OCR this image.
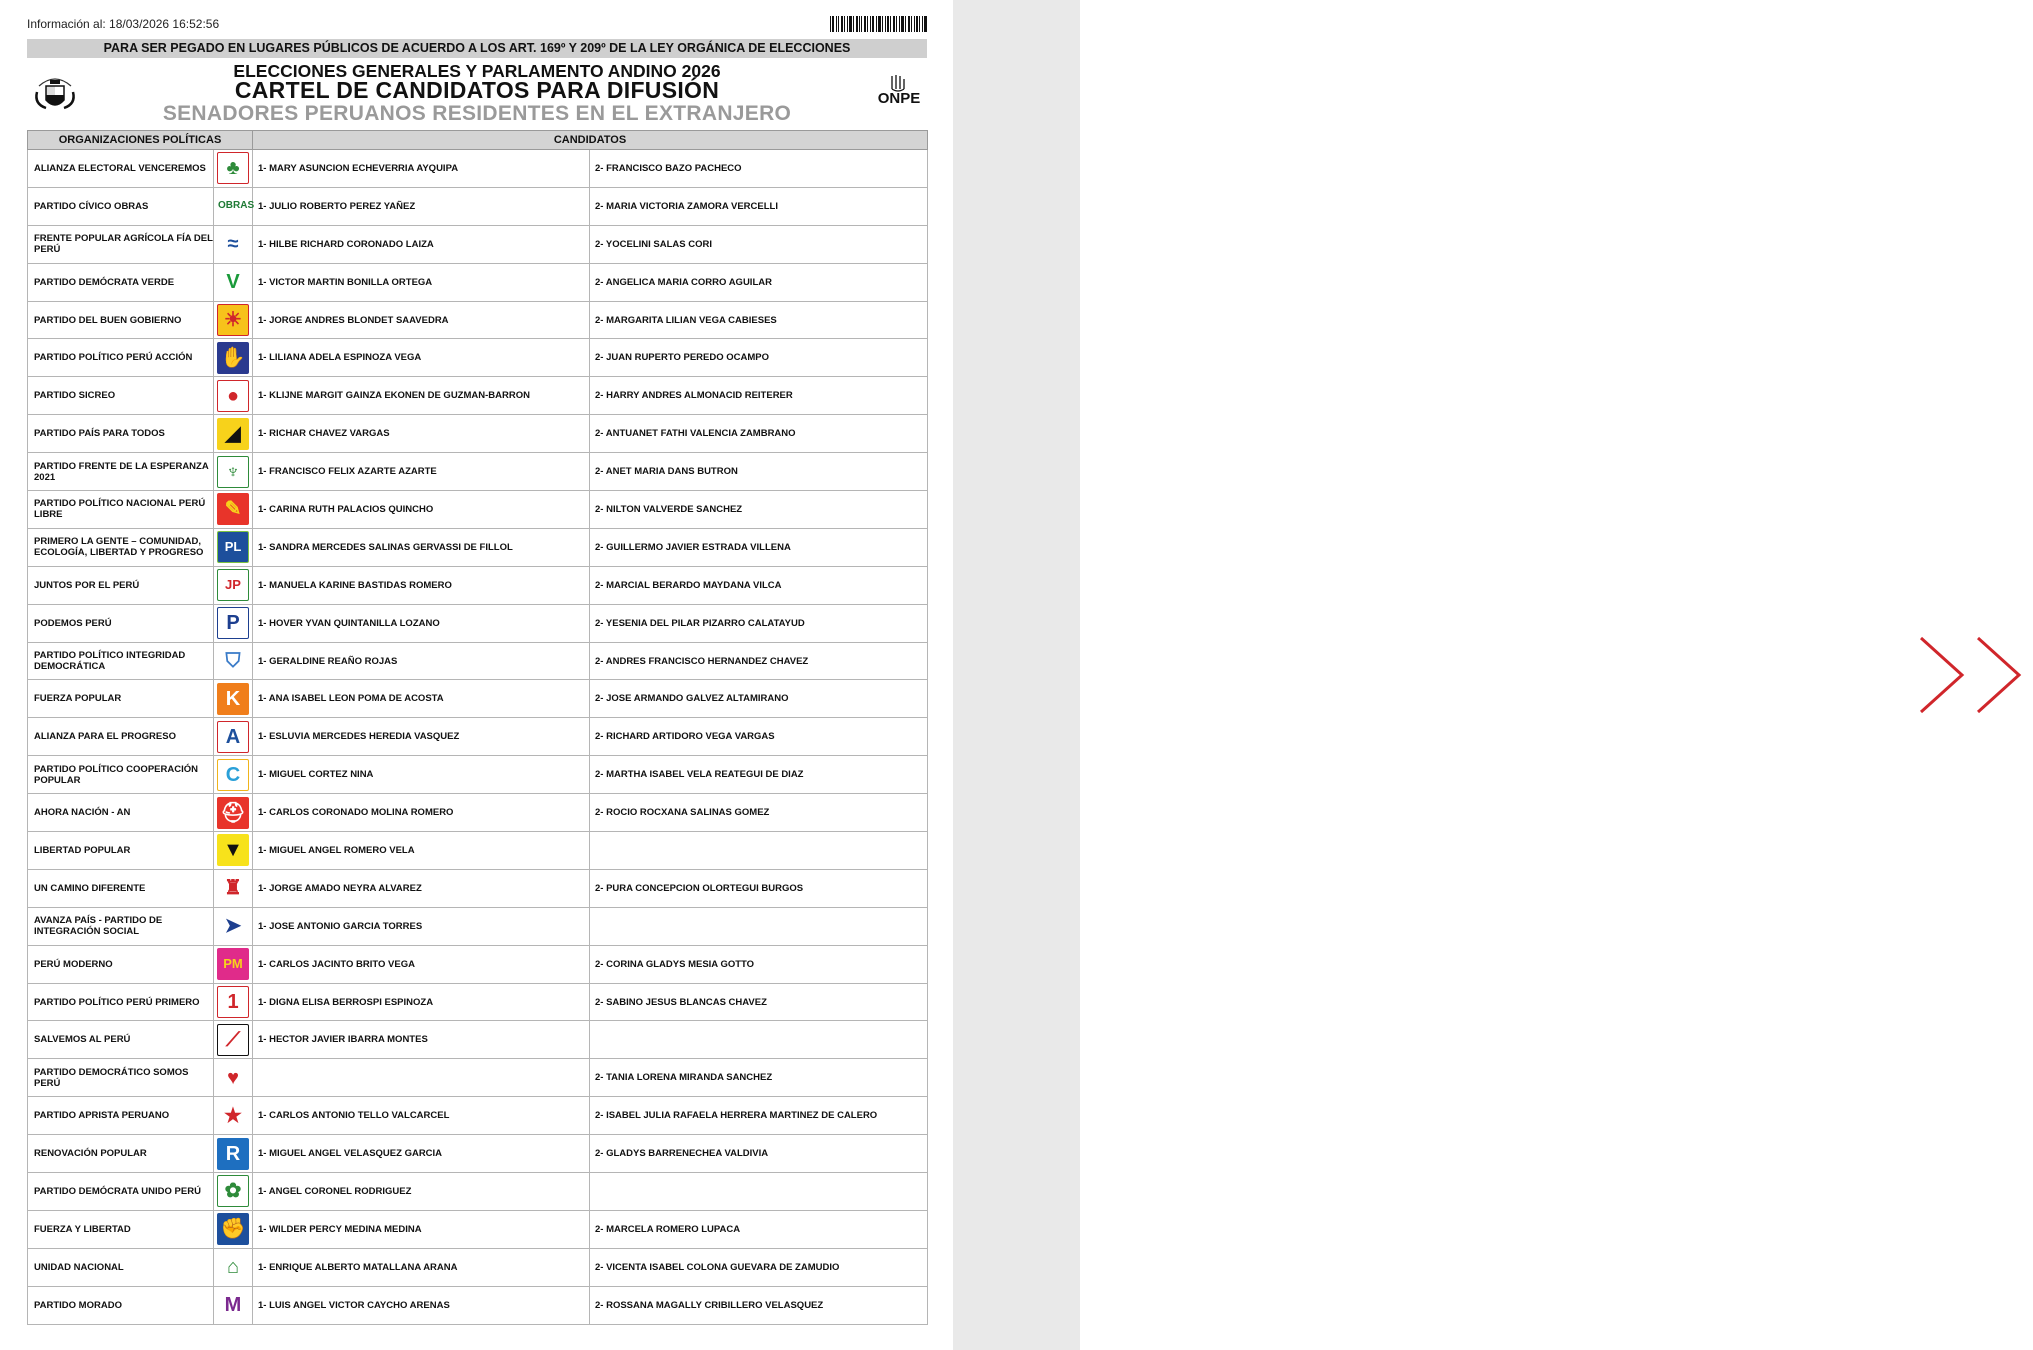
Información al: 18/03/2026 16:52:56
PARA SER PEGADO EN LUGARES PÚBLICOS DE ACUERDO A LOS ART. 169º Y 209º DE LA LEY ORGÁNICA DE ELECCIONES
ELECCIONES GENERALES Y PARLAMENTO ANDINO 2026
CARTEL DE CANDIDATOS PARA DIFUSIÓN
SENADORES PERUANOS RESIDENTES EN EL EXTRANJERO
ONPE
ORGANIZACIONES POLÍTICAS		CANDIDATOS	
ALIANZA ELECTORAL VENCEREMOS	♣	1- MARY ASUNCION ECHEVERRIA AYQUIPA	2- FRANCISCO BAZO PACHECO
PARTIDO CÍVICO OBRAS	OBRAS	1- JULIO ROBERTO PEREZ YAÑEZ	2- MARIA VICTORIA ZAMORA VERCELLI
FRENTE POPULAR AGRÍCOLA FÍA DEL PERÚ	≈	1- HILBE RICHARD CORONADO LAIZA	2- YOCELINI SALAS CORI
PARTIDO DEMÓCRATA VERDE	V	1- VICTOR MARTIN BONILLA ORTEGA	2- ANGELICA MARIA CORRO AGUILAR
PARTIDO DEL BUEN GOBIERNO	☀	1- JORGE ANDRES BLONDET SAAVEDRA	2- MARGARITA LILIAN VEGA CABIESES
PARTIDO POLÍTICO PERÚ ACCIÓN	✋	1- LILIANA ADELA ESPINOZA VEGA	2- JUAN RUPERTO PEREDO OCAMPO
PARTIDO SICREO	●	1- KLIJNE MARGIT GAINZA EKONEN DE GUZMAN-BARRON	2- HARRY ANDRES ALMONACID REITERER
PARTIDO PAÍS PARA TODOS	◢	1- RICHAR CHAVEZ VARGAS	2- ANTUANET FATHI VALENCIA ZAMBRANO
PARTIDO FRENTE DE LA ESPERANZA 2021	♆	1- FRANCISCO FELIX AZARTE AZARTE	2- ANET MARIA DANS BUTRON
PARTIDO POLÍTICO NACIONAL PERÚ LIBRE	✎	1- CARINA RUTH PALACIOS QUINCHO	2- NILTON VALVERDE SANCHEZ
PRIMERO LA GENTE – COMUNIDAD, ECOLOGÍA, LIBERTAD Y PROGRESO	PL	1- SANDRA MERCEDES SALINAS GERVASSI DE FILLOL	2- GUILLERMO JAVIER ESTRADA VILLENA
JUNTOS POR EL PERÚ	JP	1- MANUELA KARINE BASTIDAS ROMERO	2- MARCIAL BERARDO MAYDANA VILCA
PODEMOS PERÚ	P	1- HOVER YVAN QUINTANILLA LOZANO	2- YESENIA DEL PILAR PIZARRO CALATAYUD
PARTIDO POLÍTICO INTEGRIDAD DEMOCRÁTICA	⛉	1- GERALDINE REAÑO ROJAS	2- ANDRES FRANCISCO HERNANDEZ CHAVEZ
FUERZA POPULAR	K	1- ANA ISABEL LEON POMA DE ACOSTA	2- JOSE ARMANDO GALVEZ ALTAMIRANO
ALIANZA PARA EL PROGRESO	A	1- ESLUVIA MERCEDES HEREDIA VASQUEZ	2- RICHARD ARTIDORO VEGA VARGAS
PARTIDO POLÍTICO COOPERACIÓN POPULAR	C	1- MIGUEL CORTEZ NINA	2- MARTHA ISABEL VELA REATEGUI DE DIAZ
AHORA NACIÓN - AN	⛑	1- CARLOS CORONADO MOLINA ROMERO	2- ROCIO ROCXANA SALINAS GOMEZ
LIBERTAD POPULAR	▼	1- MIGUEL ANGEL ROMERO VELA	
UN CAMINO DIFERENTE	♜	1- JORGE AMADO NEYRA ALVAREZ	2- PURA CONCEPCION OLORTEGUI BURGOS
AVANZA PAÍS - PARTIDO DE INTEGRACIÓN SOCIAL	➤	1- JOSE ANTONIO GARCIA TORRES	
PERÚ MODERNO	PM	1- CARLOS JACINTO BRITO VEGA	2- CORINA GLADYS MESIA GOTTO
PARTIDO POLÍTICO PERÚ PRIMERO	1	1- DIGNA ELISA BERROSPI ESPINOZA	2- SABINO JESUS BLANCAS CHAVEZ
SALVEMOS AL PERÚ	⟋	1- HECTOR JAVIER IBARRA MONTES	
PARTIDO DEMOCRÁTICO SOMOS PERÚ	♥		2- TANIA LORENA MIRANDA SANCHEZ
PARTIDO APRISTA PERUANO	★	1- CARLOS ANTONIO TELLO VALCARCEL	2- ISABEL JULIA RAFAELA HERRERA MARTINEZ DE CALERO
RENOVACIÓN POPULAR	R	1- MIGUEL ANGEL VELASQUEZ GARCIA	2- GLADYS BARRENECHEA VALDIVIA
PARTIDO DEMÓCRATA UNIDO PERÚ	✿	1- ANGEL CORONEL RODRIGUEZ	
FUERZA Y LIBERTAD	✊	1- WILDER PERCY MEDINA MEDINA	2- MARCELA ROMERO LUPACA
UNIDAD NACIONAL	⌂	1- ENRIQUE ALBERTO MATALLANA ARANA	2- VICENTA ISABEL COLONA GUEVARA DE ZAMUDIO
PARTIDO MORADO	M	1- LUIS ANGEL VICTOR CAYCHO ARENAS	2- ROSSANA MAGALLY CRIBILLERO VELASQUEZ
